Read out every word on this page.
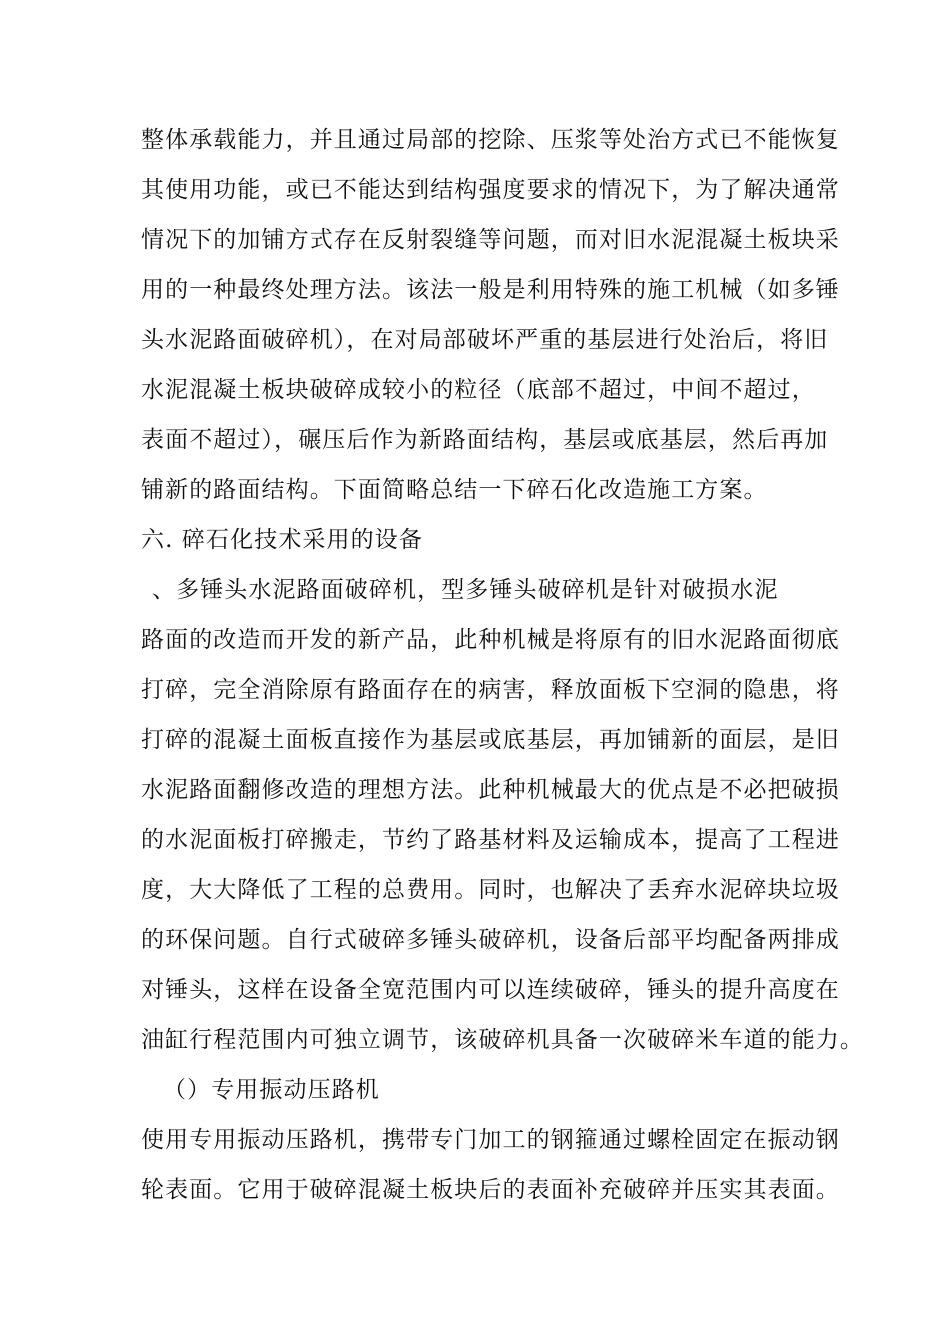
整体承载能力，并且通过局部的挖除、压浆等处治方式已不能恢复
其使用功能，或已不能达到结构强度要求的情况下，为了解决通常
情况下的加铺方式存在反射裂缝等问题，而对旧水泥混凝土板块采
用的一种最终处理方法。该法一般是利用特殊的施工机械（如多锤
头水泥路面破碎机），在对局部破坏严重的基层进行处治后，将旧
水泥混凝土板块破碎成较小的粒径（底部不超过，中间不超过，
表面不超过），碾压后作为新路面结构，基层或底基层，然后再加
铺新的路面结构。下面简略总结一下碎石化改造施工方案。
六. 碎石化技术采用的设备
、多锤头水泥路面破碎机，型多锤头破碎机是针对破损水泥
路面的改造而开发的新产品，此种机械是将原有的旧水泥路面彻底
打碎，完全消除原有路面存在的病害，释放面板下空洞的隐患，将
打碎的混凝土面板直接作为基层或底基层，再加铺新的面层，是旧
水泥路面翻修改造的理想方法。此种机械最大的优点是不必把破损
的水泥面板打碎搬走，节约了路基材料及运输成本，提高了工程进
度，大大降低了工程的总费用。同时，也解决了丢弃水泥碎块垃圾
的环保问题。自行式破碎多锤头破碎机，设备后部平均配备两排成
对锤头，这样在设备全宽范围内可以连续破碎，锤头的提升高度在
油缸行程范围内可独立调节，该破碎机具备一次破碎米车道的能力。
（）专用振动压路机
使用专用振动压路机，携带专门加工的钢箍通过螺栓固定在振动钢
轮表面。它用于破碎混凝土板块后的表面补充破碎并压实其表面。
